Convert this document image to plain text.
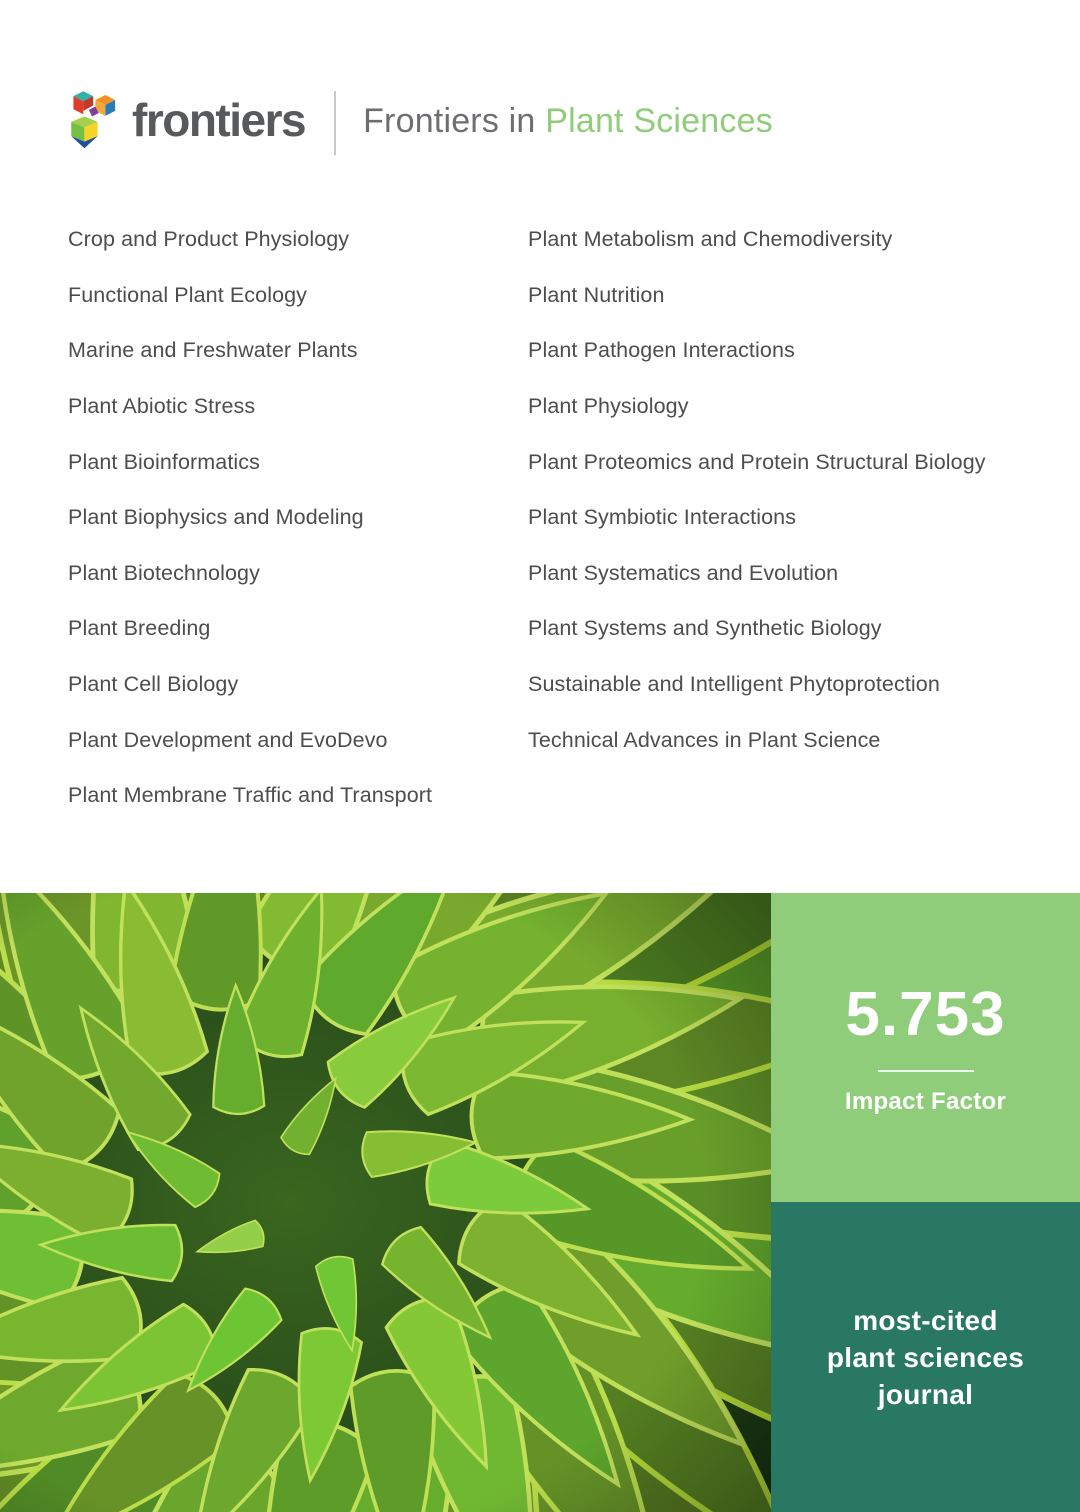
frontiers Frontiers in Plant Sciences
Crop and Product Physiology
Functional Plant Ecology
Marine and Freshwater Plants
Plant Abiotic Stress
Plant Bioinformatics
Plant Biophysics and Modeling
Plant Biotechnology
Plant Breeding
Plant Cell Biology
Plant Development and EvoDevo
Plant Membrane Traffic and Transport
Plant Metabolism and Chemodiversity
Plant Nutrition
Plant Pathogen Interactions
Plant Physiology
Plant Proteomics and Protein Structural Biology
Plant Symbiotic Interactions
Plant Systematics and Evolution
Plant Systems and Synthetic Biology
Sustainable and Intelligent Phytoprotection
Technical Advances in Plant Science
5.753
Impact Factor
most-cited
plant sciences
journal
